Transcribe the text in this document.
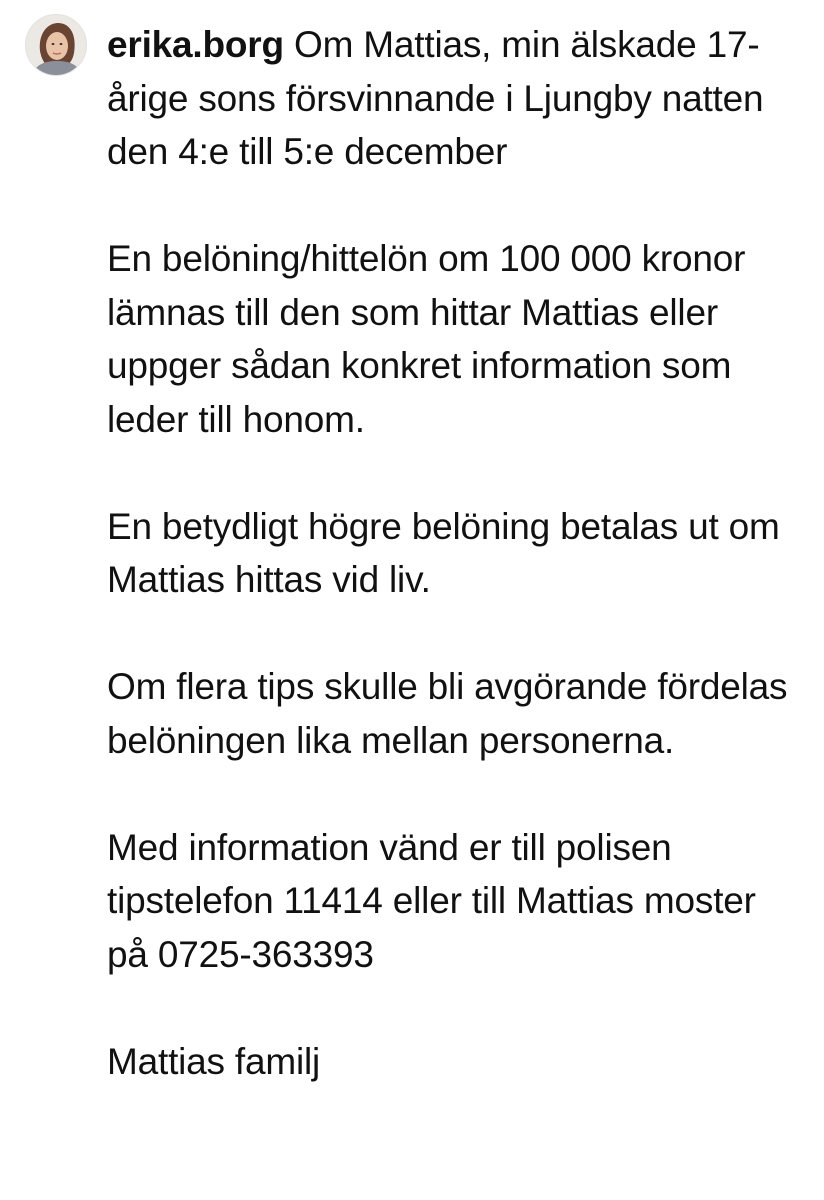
erika.borg Om Mattias, min älskade 17-årige sons försvinnande i Ljungby natten den 4:e till 5:e december

En belöning/hittelön om 100 000 kronor lämnas till den som hittar Mattias eller uppger sådan konkret information som leder till honom.

En betydligt högre belöning betalas ut om Mattias hittas vid liv.

Om flera tips skulle bli avgörande fördelas belöningen lika mellan personerna.

Med information vänd er till polisen tipstelefon 11414 eller till Mattias moster på 0725-363393

Mattias familj
